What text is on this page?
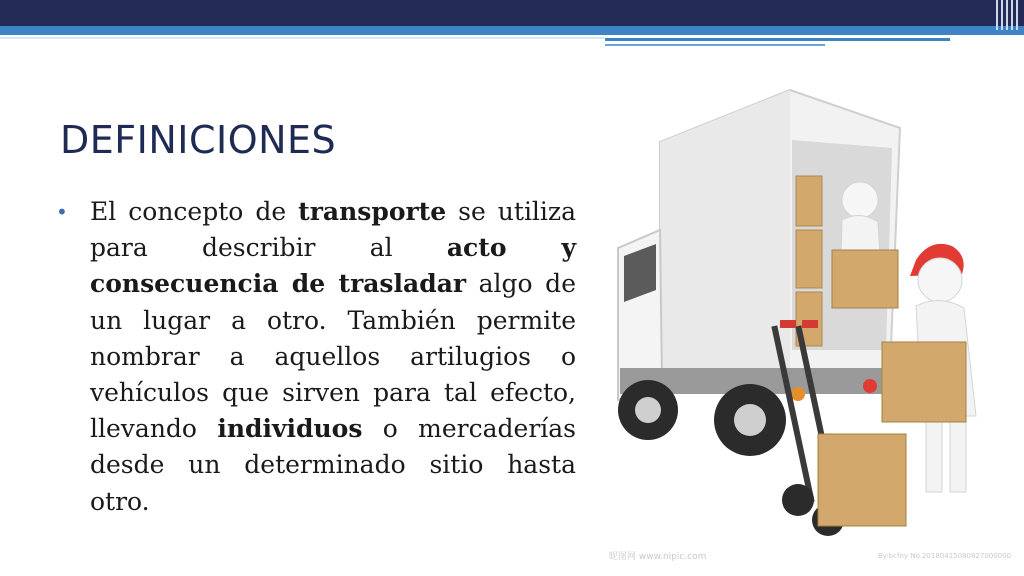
DEFINICIONES
• El concepto de transporte se utiliza para describir al acto y consecuencia de trasladar algo de un lugar a otro. También permite nombrar a aquellos artilugios o vehículos que sirven para tal efecto, llevando individuos o mercaderías desde un determinado sitio hasta otro.

昵图网 www.nipic.com	By:bcfny No.20180415080827000000
